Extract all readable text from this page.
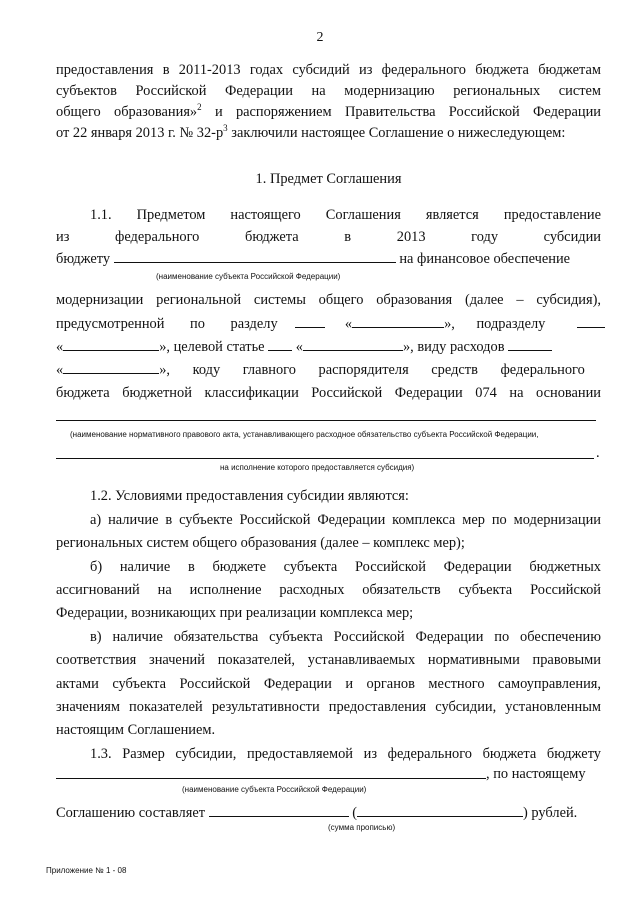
2
предоставления в 2011-2013 годах субсидий из федерального бюджета бюджетам
субъектов Российской Федерации на модернизацию региональных систем
общего образования»$^2$ и распоряжением Правительства Российской Федерации
от 22 января 2013 г. № $32-р^3$ заключили настоящее Соглашение о нижеследующем:
1. Предмет Соглашения
1.1. Предметом настоящего Соглашения является предоставление
из федерального бюджета в 2013 году субсидии
бюджету	на финансовое обеспечение
(наименование субъекта Российской Федерации)
модернизации региональной системы общего образования (далее – субсидия),
предусмотренной по разделу	«	», подразделу
«	», целевой статье «	», виду расходов
«	», коду главного распорядителя средств федерального
бюджета бюджетной классификации Российской Федерации 074 на основании
(наименование нормативного правового акта, устанавливающего расходное обязательство субъекта Российской Федерации,
.
на исполнение которого предоставляется субсидия)
1.2. Условиями предоставления субсидии являются:
а) наличие в субъекте Российской Федерации комплекса мер по модернизации
региональных систем общего образования (далее – комплекс мер);
б) наличие в бюджете субъекта Российской Федерации бюджетных
ассигнований на исполнение расходных обязательств субъекта Российской
Федерации, возникающих при реализации комплекса мер;
в) наличие обязательства субъекта Российской Федерации по обеспечению
соответствия значений показателей, устанавливаемых нормативными правовыми
актами субъекта Российской Федерации и органов местного самоуправления,
значениям показателей результативности предоставления субсидии, установленным
настоящим Соглашением.
1.3. Размер субсидии, предоставляемой из федерального бюджета бюджету
, по настоящему
(наименование субъекта Российской Федерации)
Соглашению составляет	(	) рублей.
(сумма прописью)
Приложение № 1 - 08
